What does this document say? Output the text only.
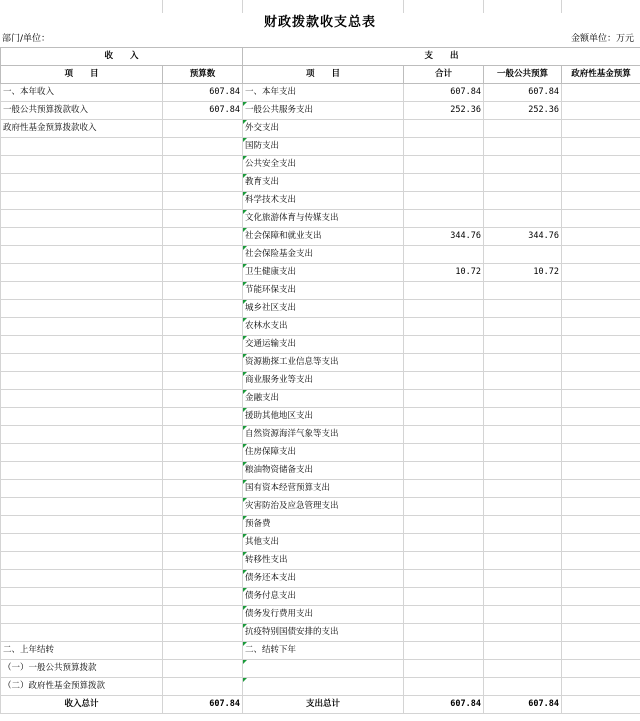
财政拨款收支总表
部门/单位：	金额单位：万元
收　　入		支　　出			
项　　目	预算数	项　　目	合计	一般公共预算	政府性基金预算
一、本年收入	607.84	一、本年支出	607.84	607.84	
一般公共预算拨款收入	607.84	一般公共服务支出	252.36	252.36	
政府性基金预算拨款收入		外交支出			
		国防支出			
		公共安全支出			
		教育支出			
		科学技术支出			
		文化旅游体育与传媒支出			
		社会保障和就业支出	344.76	344.76	
		社会保险基金支出			
		卫生健康支出	10.72	10.72	
		节能环保支出			
		城乡社区支出			
		农林水支出			
		交通运输支出			
		资源勘探工业信息等支出			
		商业服务业等支出			
		金融支出			
		援助其他地区支出			
		自然资源海洋气象等支出			
		住房保障支出			
		粮油物资储备支出			
		国有资本经营预算支出			
		灾害防治及应急管理支出			
		预备费			
		其他支出			
		转移性支出			
		债务还本支出			
		债务付息支出			
		债务发行费用支出			
		抗疫特别国债安排的支出			
二、上年结转		二、结转下年			
（一）一般公共预算拨款					
（二）政府性基金预算拨款					
收入总计	607.84	支出总计	607.84	607.84	
